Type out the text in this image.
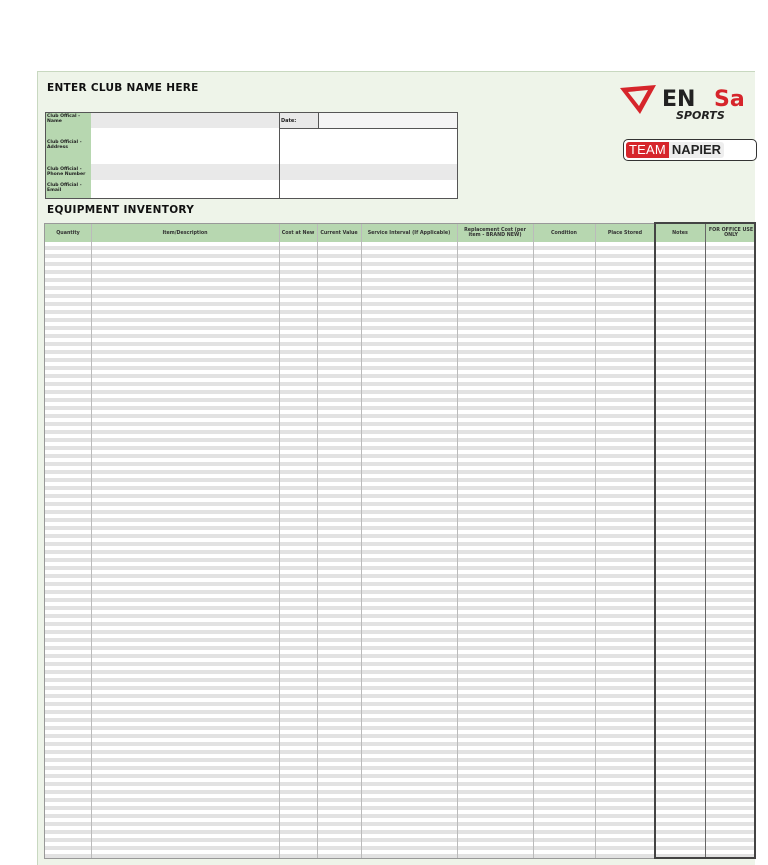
ENTER CLUB NAME HERE
Club Offical - Name
Club Official - Address
Club Official - Phone Number
Club Official - Email
Date:
EQUIPMENT INVENTORY
Quantity	Item/Description	Cost at New	Current Value	Service Interval (If Applicable)	Replacement Cost (per item - BRAND NEW)	Condition	Place Stored	Notes	FOR OFFICE USE ONLY
EN Sa
SPORTS
TEAM NAPIER
